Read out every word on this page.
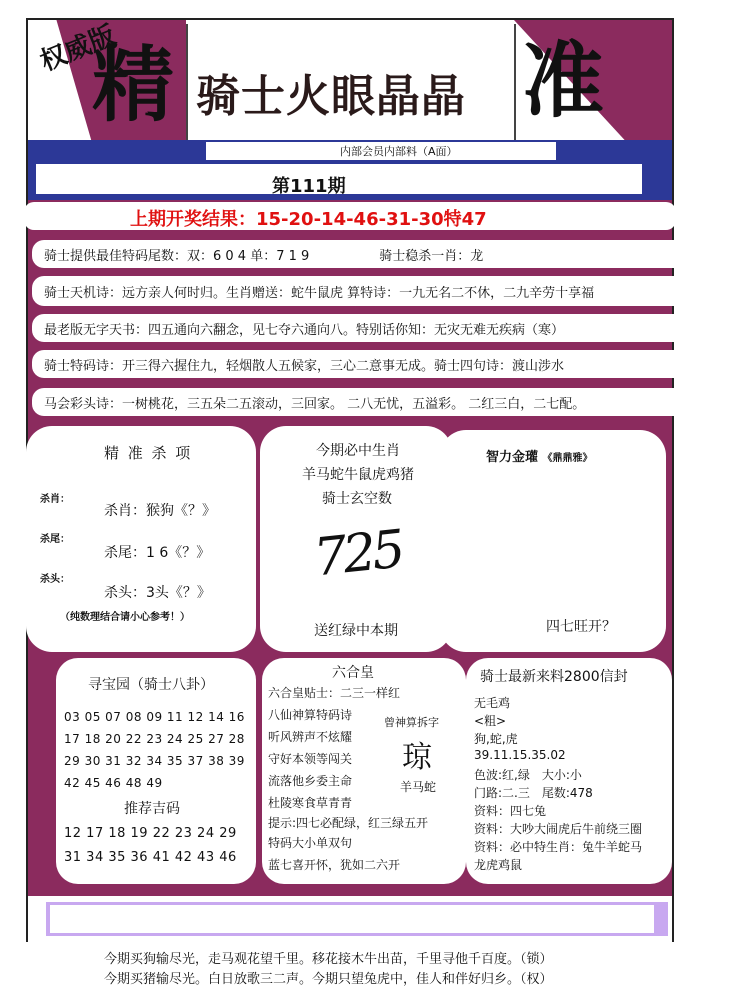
权威版
精 骑士火眼晶晶 准
内部会员内部料（A面）
第111期
上期开奖结果：15-20-14-46-31-30特47
骑士提供最佳特码尾数：双：6 0 4 单：7 1 9	骑士稳杀一肖：龙
骑士天机诗：远方亲人何时归。生肖赠送：蛇牛鼠虎 算特诗：一九无名二不休，二九辛劳十享福
最老版无字天书：四五通向六翻念，见七夺六通向八。特别话你知：无灾无难无疾病（寒）
骑士特码诗：开三得六握住九，轻烟散人五候家，三心二意事无成。骑士四句诗：渡山涉水
马会彩头诗：一树桃花，三五朵二五滚动，三回家。 二八无忧，五溢彩。 二红三白，二七配。
精 准 杀 项
杀肖：
杀肖：猴狗《？》
杀尾：
杀尾：1 6《？》
杀头：
杀头：3头《？》
（纯数理结合请小心参考！）
今期必中生肖
羊马蛇牛鼠虎鸡猪
骑士玄空数
725
送红绿中本期
智力金瓘 《鼎鼎雅》
四七旺开？
寻宝园（骑士八卦）
03 05 07 08 09 11 12 14 16
17 18 20 22 23 24 25 27 28
29 30 31 32 34 35 37 38 39
42 45 46 48 49
推荐吉码
12 17 18 19 22 23 24 29
31 34 35 36 41 42 43 46
六合皇
六合皇贴士：二三一样红
八仙神算特码诗
听风辨声不炫耀
守好本领等闯关
流落他乡委主命
杜陵寒食草青青
提示:四七必配绿，红三绿五开
特码大小单双句
蓝七喜开怀，犹如二六开
曾神算拆字
琼
羊马蛇
骑士最新来料2800信封
无毛鸡
<粗>
狗,蛇,虎
39.11.15.35.02
色波:红,绿　大小:小
门路:二.三　尾数:478
资料：四七兔
资料：大吵大闹虎后牛前绕三圈
资料：必中特生肖：兔牛羊蛇马
龙虎鸡鼠
今期买狗输尽光，走马观花望千里。移花接木牛出苗，千里寻他千百度。（锁）
今期买猪输尽光。白日放歌三二声。今期只望兔虎中，佳人和伴好归乡。（权）
